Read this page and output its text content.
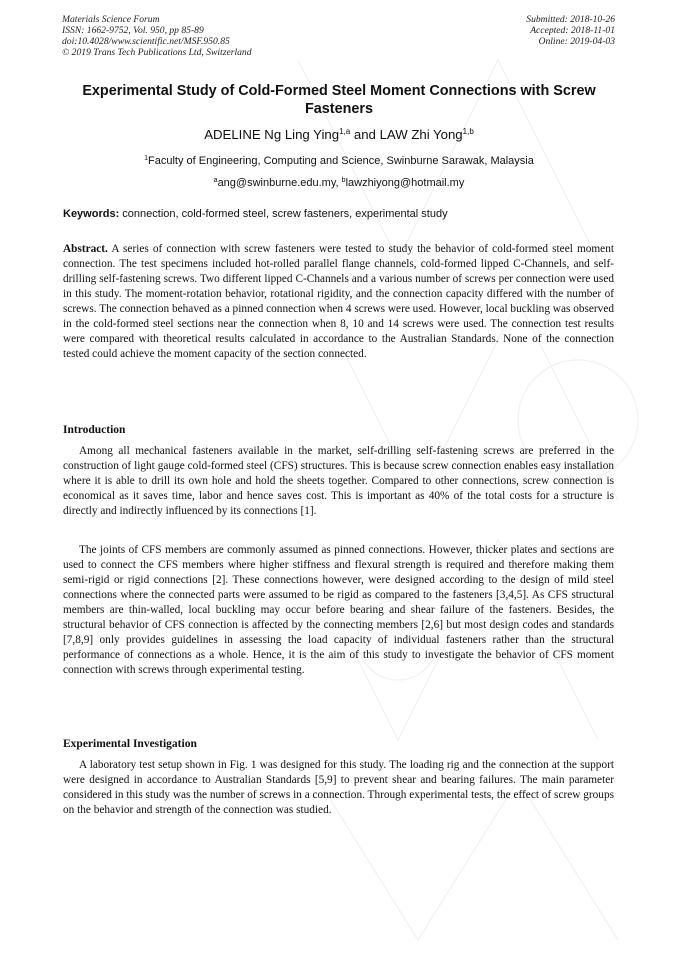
Materials Science Forum
ISSN: 1662-9752, Vol. 950, pp 85-89
doi:10.4028/www.scientific.net/MSF.950.85
© 2019 Trans Tech Publications Ltd, Switzerland
Submitted: 2018-10-26
Accepted: 2018-11-01
Online: 2019-04-03
Experimental Study of Cold-Formed Steel Moment Connections with Screw Fasteners
ADELINE Ng Ling Ying$^{1,a}$ and LAW Zhi Yong$^{1,b}$
$^1$Faculty of Engineering, Computing and Science, Swinburne Sarawak, Malaysia
$^a$ang@swinburne.edu.my, $^b$lawzhiyong@hotmail.my
Keywords: connection, cold-formed steel, screw fasteners, experimental study

Abstract. A series of connection with screw fasteners were tested to study the behavior of cold-formed steel moment connection. The test specimens included hot-rolled parallel flange channels, cold-formed lipped C-Channels, and self-drilling self-fastening screws. Two different lipped C-Channels and a various number of screws per connection were used in this study. The moment-rotation behavior, rotational rigidity, and the connection capacity differed with the number of screws. The connection behaved as a pinned connection when 4 screws were used. However, local buckling was observed in the cold-formed steel sections near the connection when 8, 10 and 14 screws were used. The connection test results were compared with theoretical results calculated in accordance to the Australian Standards. None of the connection tested could achieve the moment capacity of the section connected.

Introduction

Among all mechanical fasteners available in the market, self-drilling self-fastening screws are preferred in the construction of light gauge cold-formed steel (CFS) structures. This is because screw connection enables easy installation where it is able to drill its own hole and hold the sheets together. Compared to other connections, screw connection is economical as it saves time, labor and hence saves cost. This is important as 40% of the total costs for a structure is directly and indirectly influenced by its connections [1].

The joints of CFS members are commonly assumed as pinned connections. However, thicker plates and sections are used to connect the CFS members where higher stiffness and flexural strength is required and therefore making them semi-rigid or rigid connections [2]. These connections however, were designed according to the design of mild steel connections where the connected parts were assumed to be rigid as compared to the fasteners [3,4,5]. As CFS structural members are thin-walled, local buckling may occur before bearing and shear failure of the fasteners. Besides, the structural behavior of CFS connection is affected by the connecting members [2,6] but most design codes and standards [7,8,9] only provides guidelines in assessing the load capacity of individual fasteners rather than the structural performance of connections as a whole. Hence, it is the aim of this study to investigate the behavior of CFS moment connection with screws through experimental testing.

Experimental Investigation

A laboratory test setup shown in Fig. 1 was designed for this study. The loading rig and the connection at the support were designed in accordance to Australian Standards [5,9] to prevent shear and bearing failures. The main parameter considered in this study was the number of screws in a connection. Through experimental tests, the effect of screw groups on the behavior and strength of the connection was studied.
